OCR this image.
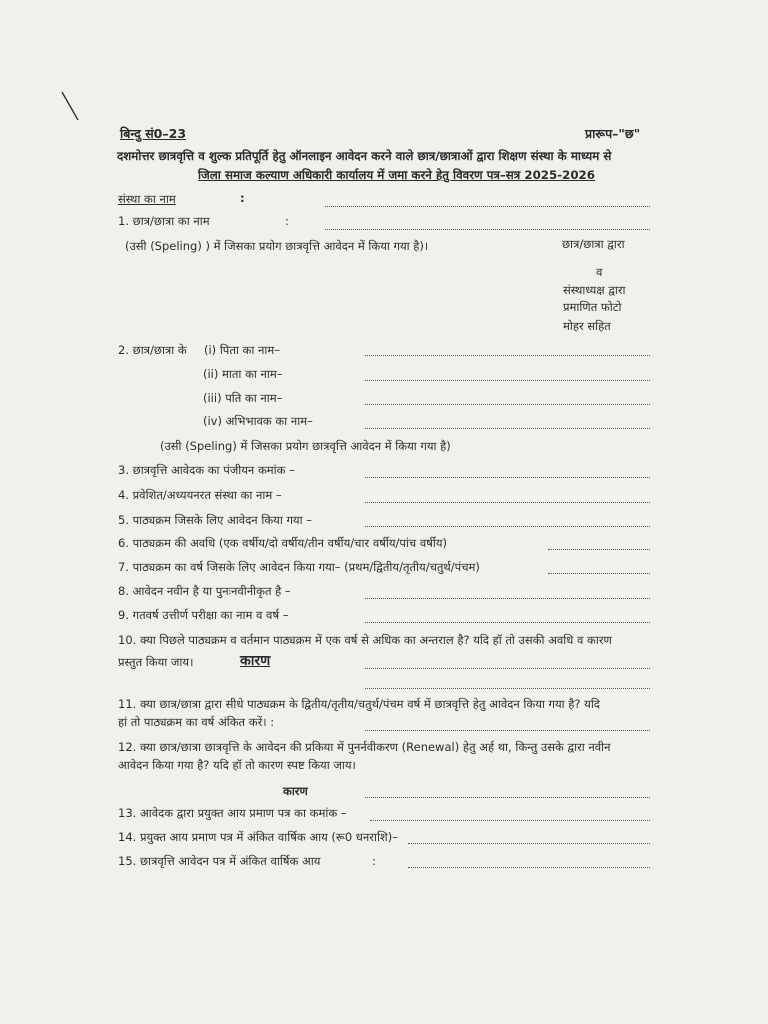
बिन्दु सं0–23	प्रारूप–"छ"
दशमोत्तर छात्रवृत्ति व शुल्क प्रतिपूर्ति हेतु ऑनलाइन आवेदन करने वाले छात्र/छात्राओं द्वारा शिक्षण संस्था के माध्यम से
जिला समाज कल्याण अधिकारी कार्यालय में जमा करने हेतु विवरण पत्र–सत्र 2025-2026
संस्था का नाम	:
1. छात्र/छात्रा का नाम	:
(उसी (Speling) ) में जिसका प्रयोग छात्रवृत्ति आवेदन में किया गया है)।	छात्र/छात्रा द्वारा
व
संस्थाध्यक्ष द्वारा
प्रमाणित फोटो
मोहर सहित
2. छात्र/छात्रा के (i) पिता का नाम–
(ii) माता का नाम–
(iii) पति का नाम–
(iv) अभिभावक का नाम–
(उसी (Speling) में जिसका प्रयोग छात्रवृत्ति आवेदन में किया गया है)
3. छात्रवृत्ति आवेदक का पंजीयन कमांक –
4. प्रवेशित/अध्ययनरत संस्था का नाम –
5. पाठ्यक्रम जिसके लिए आवेदन किया गया –
6. पाठ्यक्रम की अवधि (एक वर्षीय/दो वर्षीय/तीन वर्षीय/चार वर्षीय/पांच वर्षीय)
7. पाठ्यक्रम का वर्ष जिसके लिए आवेदन किया गया– (प्रथम/द्वितीय/तृतीय/चतुर्थ/पंचम)
8. आवेदन नवीन है या पुनःनवीनीकृत है –
9. गतवर्ष उत्तीर्ण परीक्षा का नाम व वर्ष –
10. क्या पिछले पाठ्यक्रम व वर्तमान पाठ्यक्रम में एक वर्ष से अधिक का अन्तराल है? यदि हॉ तो उसकी अवधि व कारण
प्रस्तुत किया जाय।	कारण
11. क्या छात्र/छात्रा द्वारा सीधे पाठ्यक्रम के द्वितीय/तृतीय/चतुर्थ/पंचम वर्ष में छात्रवृत्ति हेतु आवेदन किया गया है? यदि
हां तो पाठ्यक्रम का वर्ष अंकित करें। :
12. क्या छात्र/छात्रा छात्रवृत्ति के आवेदन की प्रकिया में पुनर्नवीकरण (Renewal) हेतु अर्ह था, किन्तु उसके द्वारा नवीन
आवेदन किया गया है? यदि हॉ तो कारण स्पष्ट किया जाय।
कारण
13. आवेदक द्वारा प्रयुक्त आय प्रमाण पत्र का कमांक –
14. प्रयुक्त आय प्रमाण पत्र में अंकित वार्षिक आय (रू0 धनराशि)–
15. छात्रवृत्ति आवेदन पत्र में अंकित वार्षिक आय	:
